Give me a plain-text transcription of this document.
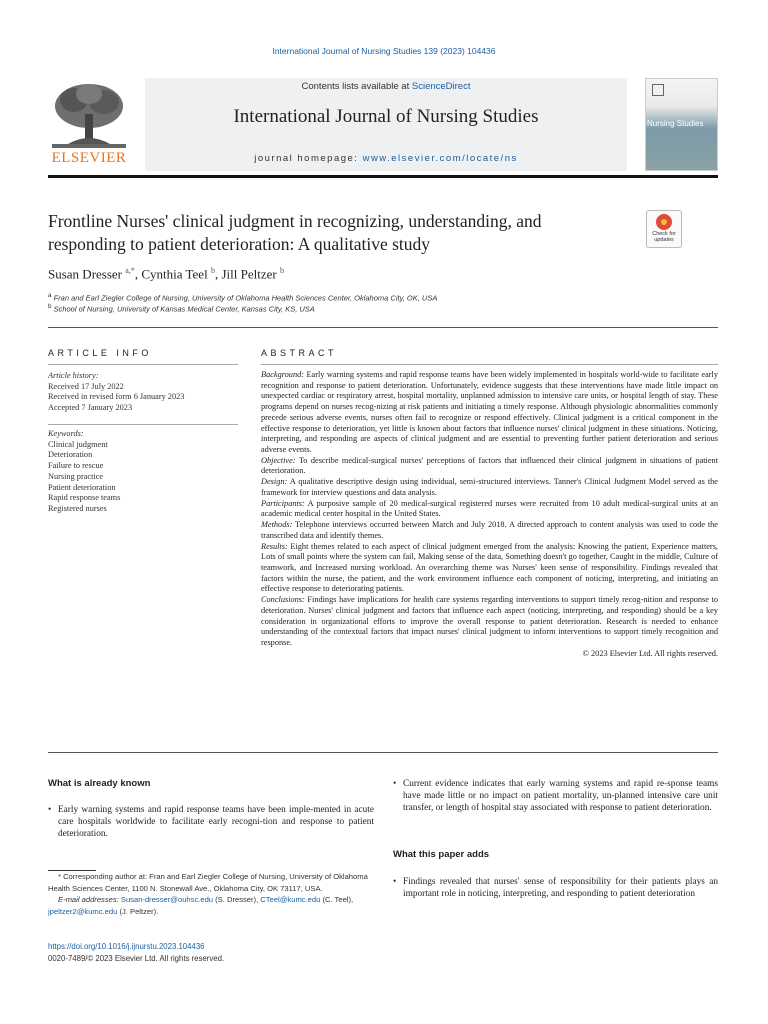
International Journal of Nursing Studies 139 (2023) 104436
ELSEVIER
Contents lists available at ScienceDirect
International Journal of Nursing Studies
journal homepage: www.elsevier.com/locate/ns
Nursing Studies
Frontline Nurses' clinical judgment in recognizing, understanding, and
responding to patient deterioration: A qualitative study	Check for updates
Susan Dresser $^{a,*}$, Cynthia Teel $^b$, Jill Peltzer $^b$
$^a$ Fran and Earl Ziegler College of Nursing, University of Oklahoma Health Sciences Center, Oklahoma City, OK, USA
$^b$ School of Nursing, University of Kansas Medical Center, Kansas City, KS, USA
ARTICLE INFO
Article history:
Received 17 July 2022
Received in revised form 6 January 2023
Accepted 7 January 2023
Keywords:
Clinical judgment
Deterioration
Failure to rescue
Nursing practice
Patient deterioration
Rapid response teams
Registered nurses
ABSTRACT

Background: Early warning systems and rapid response teams have been widely implemented in hospitals world-wide to facilitate early recognition and response to patient deterioration. Unfortunately, evidence suggests that these interventions have made little impact on unexpected cardiac or respiratory arrest, hospital mortality, unplanned admission to intensive care units, or hospital length of stay. These programs depend on nurses recog-nizing at risk patients and initiating a timely response. Although physiologic abnormalities commonly precede serious adverse events, nurses often fail to recognize or respond effectively. Clinical judgment is a critical component in the effective response to deterioration, yet little is known about factors that influence nurses' clinical judgment in these situations. Noticing, interpreting, and responding are aspects of clinical judgment and are essential to preventing further patient deterioration and serious adverse events.

Objective: To describe medical-surgical nurses' perceptions of factors that influenced their clinical judgment in situations of patient deterioration.

Design: A qualitative descriptive design using individual, semi-structured interviews. Tanner's Clinical Judgment Model served as the framework for interview questions and data analysis.

Participants: A purposive sample of 20 medical-surgical registered nurses were recruited from 10 adult medical-surgical units at an academic medical center hospital in the United States.

Methods: Telephone interviews occurred between March and July 2018. A directed approach to content analysis was used to code the transcribed data and identify themes.

Results: Eight themes related to each aspect of clinical judgment emerged from the analysis: Knowing the patient, Experience matters, Lots of small points where the system can fail, Making sense of the data, Something doesn't go together, Caught in the middle, Culture of teamwork, and Increased nursing workload. An overarching theme was Nurses' keen sense of responsibility. Findings revealed that factors within the nurse, the patient, and the work environment influence each component of noticing, interpreting, and initiating an effective response to deteriorating patients.

Conclusions: Findings have implications for health care systems regarding interventions to support timely recog-nition and response to deterioration. Nurses' clinical judgment and factors that influence each aspect (noticing, interpreting, and responding) should be a key consideration in organizational efforts to improve the overall response to patient deterioration. Research is needed to enhance understanding of the contextual factors that impact nurses' clinical judgment to inform interventions to support timely recognition and response.

© 2023 Elsevier Ltd. All rights reserved.

What is already known
• Early warning systems and rapid response teams have been imple-mented in acute care hospitals worldwide to facilitate early recogni-tion and response to patient deterioration.
• Current evidence indicates that early warning systems and rapid re-sponse teams have made little or no impact on patient mortality, un-planned intensive care unit transfer, or length of hospital stay associated with response to patient deterioration.
What this paper adds
• Findings revealed that nurses' sense of responsibility for their patients plays an important role in noticing, interpreting, and responding to patient deterioration
* Corresponding author at: Fran and Earl Ziegler College of Nursing, University of Oklahoma Health Sciences Center, 1100 N. Stonewall Ave., Oklahoma City, OK 73117, USA.
E-mail addresses: Susan-dresser@ouhsc.edu (S. Dresser), CTeel@kumc.edu (C. Teel),
jpeltzer2@kumc.edu (J. Peltzer).
https://doi.org/10.1016/j.ijnurstu.2023.104436
0020-7489/© 2023 Elsevier Ltd. All rights reserved.
